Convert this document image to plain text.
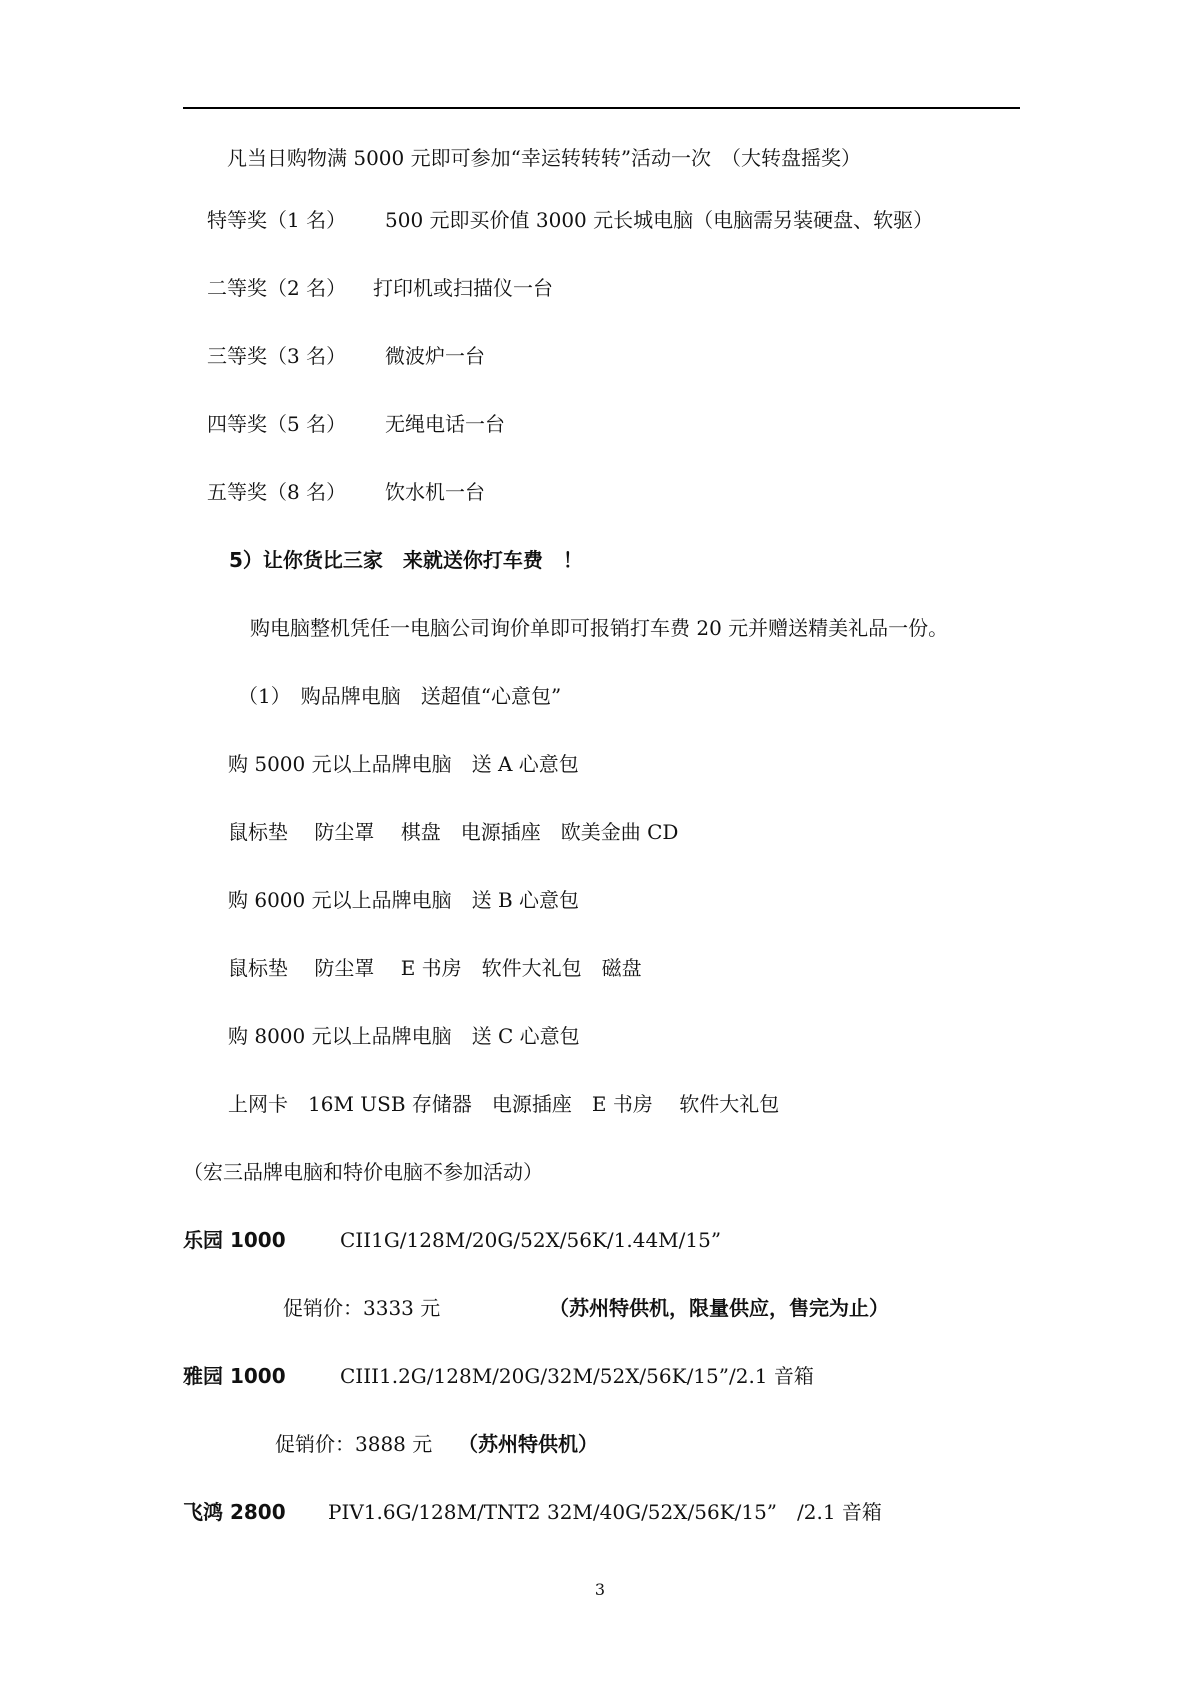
凡当日购物满 5000 元即可参加“幸运转转转”活动一次　（大转盘摇奖）
特等奖（1 名） 500 元即买价值 3000 元长城电脑（电脑需另装硬盘、软驱）
二等奖（2 名） 打印机或扫描仪一台
三等奖（3 名） 微波炉一台
四等奖（5 名） 无绳电话一台
五等奖（8 名） 饮水机一台
5）让你货比三家　来就送你打车费　！
购电脑整机凭任一电脑公司询价单即可报销打车费 20 元并赠送精美礼品一份。
（1）　购品牌电脑　送超值“心意包”
购 5000 元以上品牌电脑　送 A 心意包
鼠标垫　 防尘罩　 棋盘　电源插座　欧美金曲 CD
购 6000 元以上品牌电脑　送 B 心意包
鼠标垫　 防尘罩　 E 书房　软件大礼包　磁盘
购 8000 元以上品牌电脑　送 C 心意包
上网卡　16M USB 存储器　电源插座　E 书房　 软件大礼包
（宏三品牌电脑和特价电脑不参加活动）
乐园 1000	CII1G/128M/20G/52X/56K/1.44M/15”
促销价：3333 元	（苏州特供机，限量供应，售完为止）
雅园 1000	CIII1.2G/128M/20G/32M/52X/56K/15”/2.1 音箱
促销价：3888 元 （苏州特供机）
飞鸿 2800 PIV1.6G/128M/TNT2 32M/40G/52X/56K/15”　/2.1 音箱
3
